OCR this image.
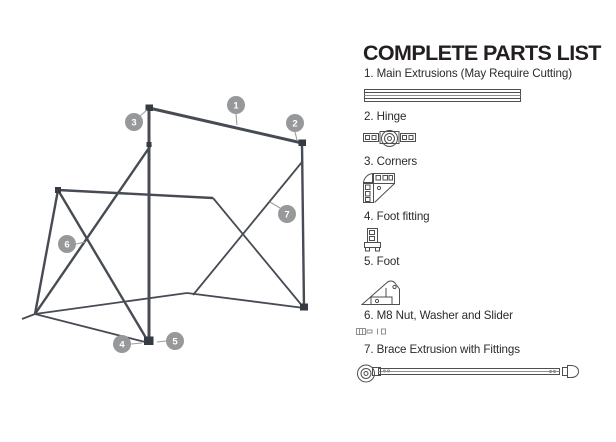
1
2
3
4	5
6
7
COMPLETE PARTS LIST
1. Main Extrusions (May Require Cutting)
2. Hinge
3. Corners
4. Foot fitting
5. Foot
6. M8 Nut, Washer and Slider
7. Brace Extrusion with Fittings
